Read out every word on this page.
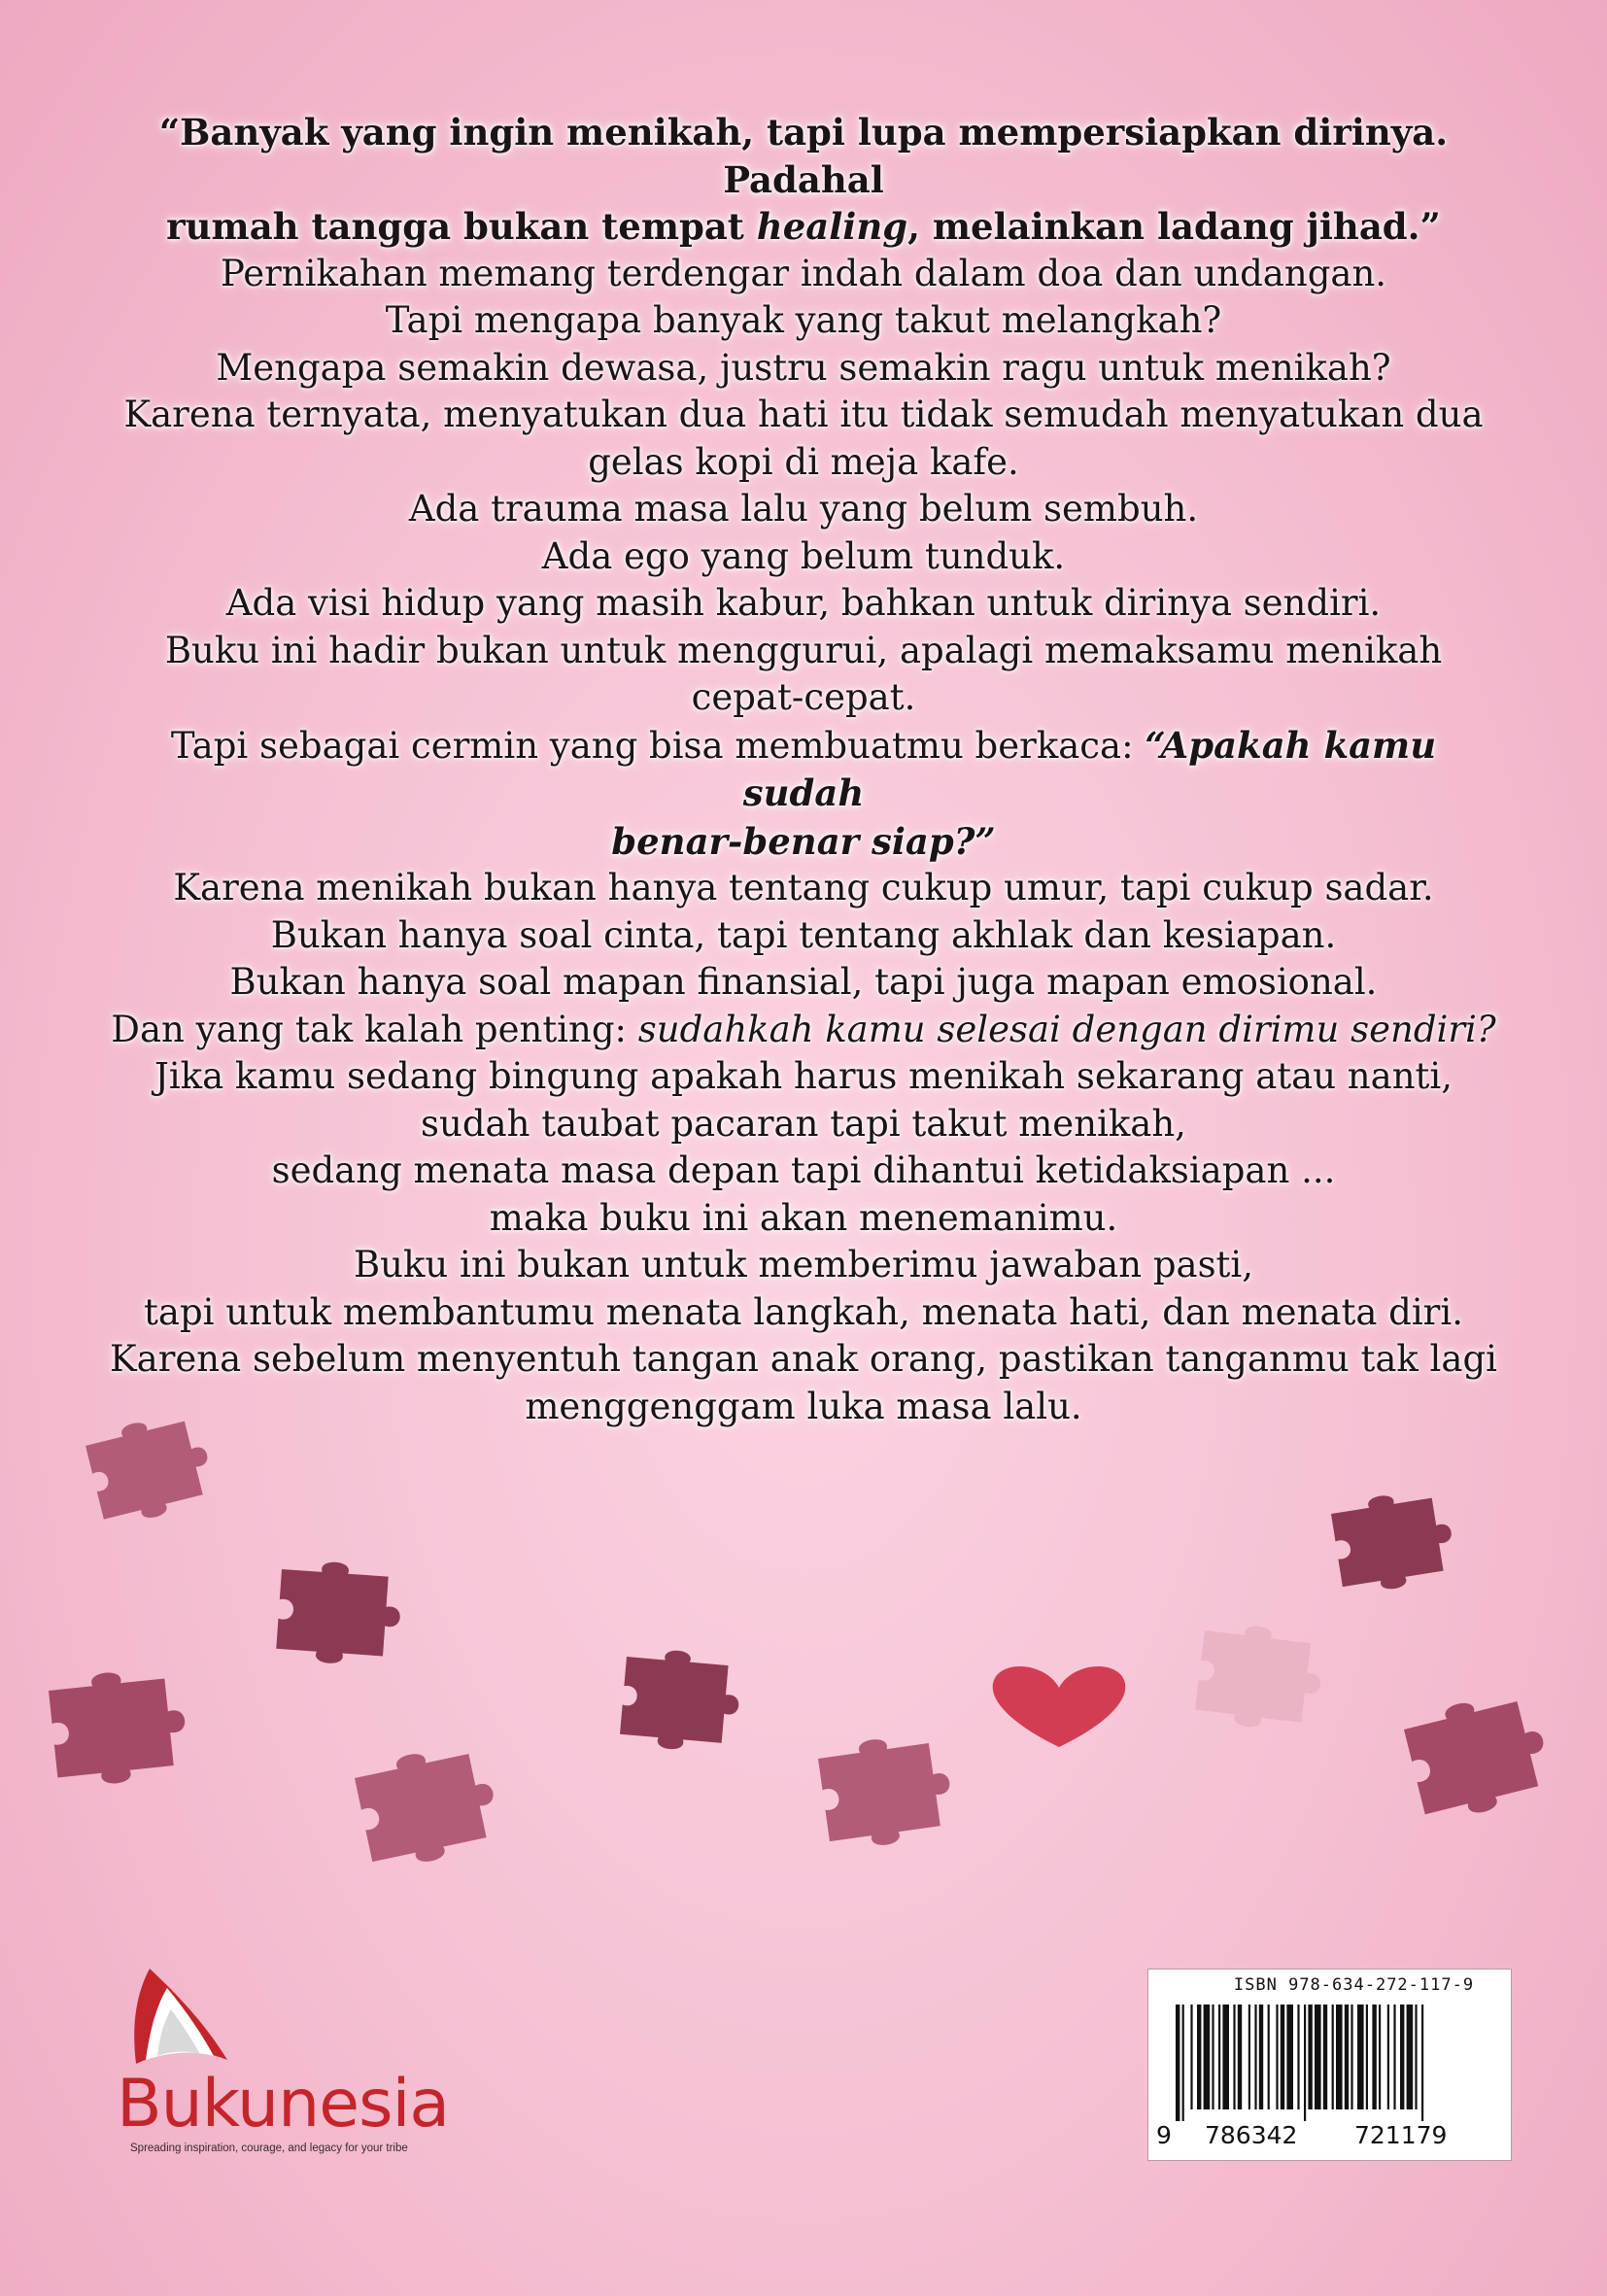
“Banyak yang ingin menikah, tapi lupa mempersiapkan dirinya. Padahal

rumah tangga bukan tempat healing, melainkan ladang jihad.”

Pernikahan memang terdengar indah dalam doa dan undangan.

Tapi mengapa banyak yang takut melangkah?

Mengapa semakin dewasa, justru semakin ragu untuk menikah?

Karena ternyata, menyatukan dua hati itu tidak semudah menyatukan dua

gelas kopi di meja kafe.

Ada trauma masa lalu yang belum sembuh.

Ada ego yang belum tunduk.

Ada visi hidup yang masih kabur, bahkan untuk dirinya sendiri.

Buku ini hadir bukan untuk menggurui, apalagi memaksamu menikah

cepat-cepat.

Tapi sebagai cermin yang bisa membuatmu berkaca: “Apakah kamu sudah

benar-benar siap?”

Karena menikah bukan hanya tentang cukup umur, tapi cukup sadar.

Bukan hanya soal cinta, tapi tentang akhlak dan kesiapan.

Bukan hanya soal mapan finansial, tapi juga mapan emosional.

Dan yang tak kalah penting: sudahkah kamu selesai dengan dirimu sendiri?

Jika kamu sedang bingung apakah harus menikah sekarang atau nanti,

sudah taubat pacaran tapi takut menikah,

sedang menata masa depan tapi dihantui ketidaksiapan ...

maka buku ini akan menemanimu.

Buku ini bukan untuk memberimu jawaban pasti,

tapi untuk membantumu menata langkah, menata hati, dan menata diri.

Karena sebelum menyentuh tangan anak orang, pastikan tanganmu tak lagi

menggenggam luka masa lalu.

Bukunesia
Spreading inspiration, courage, and legacy for your tribe
ISBN 978-634-272-117-9
9 786342 721179
